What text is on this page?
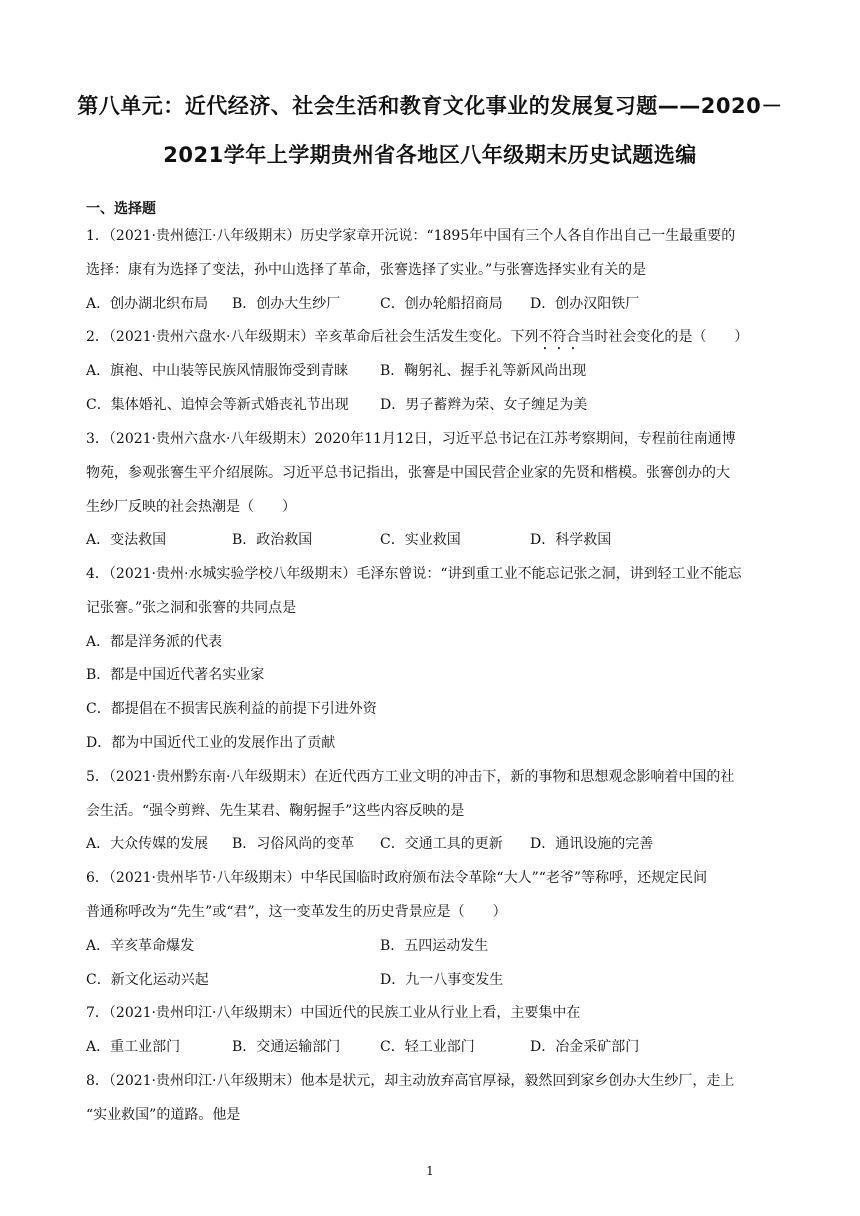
第八单元：近代经济、社会生活和教育文化事业的发展复习题——2020－
2021学年上学期贵州省各地区八年级期末历史试题选编
一、选择题
1．（2021·贵州德江·八年级期末）历史学家章开沅说：“1895年中国有三个人各自作出自己一生最重要的
选择：康有为选择了变法，孙中山选择了革命，张謇选择了实业。”与张謇选择实业有关的是
A．创办湖北织布局 B．创办大生纱厂	C．创办轮船招商局 D．创办汉阳铁厂
2．（2021·贵州六盘水·八年级期末）辛亥革命后社会生活发生变化。下列不符合当时社会变化的是（　　）
A．旗袍、中山装等民族风情服饰受到青睐 B．鞠躬礼、握手礼等新风尚出现
C．集体婚礼、追悼会等新式婚丧礼节出现 D．男子蓄辫为荣、女子缠足为美
3．（2021·贵州六盘水·八年级期末）2020年11月12日，习近平总书记在江苏考察期间，专程前往南通博
物苑，参观张謇生平介绍展陈。习近平总书记指出，张謇是中国民营企业家的先贤和楷模。张謇创办的大
生纱厂反映的社会热潮是（　　）
A．变法救国	B．政治救国	C．实业救国	D．科学救国
4．（2021·贵州·水城实验学校八年级期末）毛泽东曾说：“讲到重工业不能忘记张之洞，讲到轻工业不能忘
记张謇。”张之洞和张謇的共同点是
A．都是洋务派的代表
B．都是中国近代著名实业家
C．都提倡在不损害民族利益的前提下引进外资
D．都为中国近代工业的发展作出了贡献
5．（2021·贵州黔东南·八年级期末）在近代西方工业文明的冲击下，新的事物和思想观念影响着中国的社
会生活。“强令剪辫、先生某君、鞠躬握手”这些内容反映的是
A．大众传媒的发展 B．习俗风尚的变革 C．交通工具的更新 D．通讯设施的完善
6．（2021·贵州毕节·八年级期末）中华民国临时政府颁布法令革除“大人”“老爷”等称呼，还规定民间
普通称呼改为“先生”或“君”，这一变革发生的历史背景应是（　　）
A．辛亥革命爆发	B．五四运动发生
C．新文化运动兴起	D．九一八事变发生
7．（2021·贵州印江·八年级期末）中国近代的民族工业从行业上看，主要集中在
A．重工业部门	B．交通运输部门	C．轻工业部门	D．冶金采矿部门
8．（2021·贵州印江·八年级期末）他本是状元，却主动放弃高官厚禄，毅然回到家乡创办大生纱厂，走上
“实业救国”的道路。他是
1
